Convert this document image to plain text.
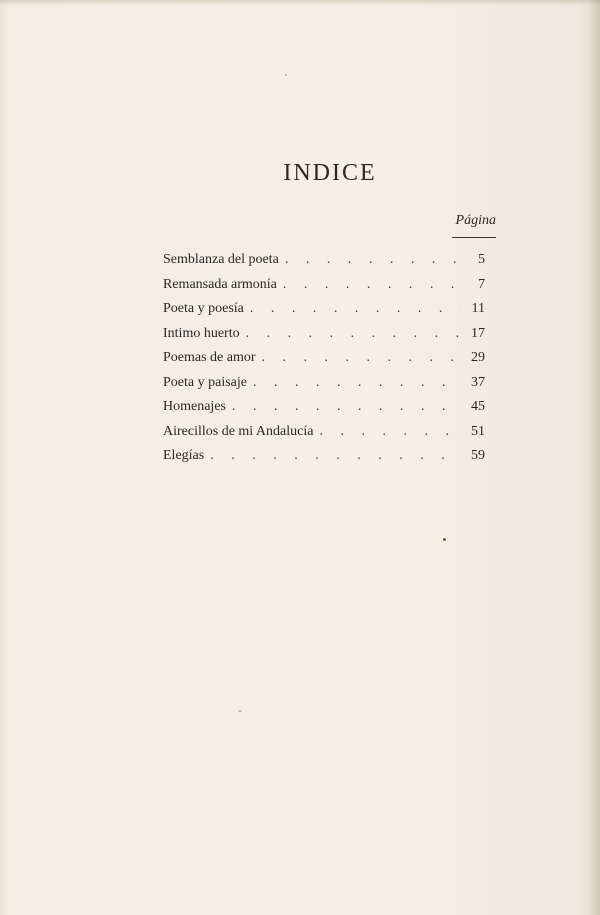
INDICE
Página
Semblanza del poeta . . .	5
Remansada armonía . . .	7
Poeta y poesía . . .	11
Intimo huerto . . .	17
Poemas de amor . . .	29
Poeta y paisaje . . .	37
Homenajes . . .	45
Airecillos de mi Andalucía . . .	51
Elegías . . .	59
